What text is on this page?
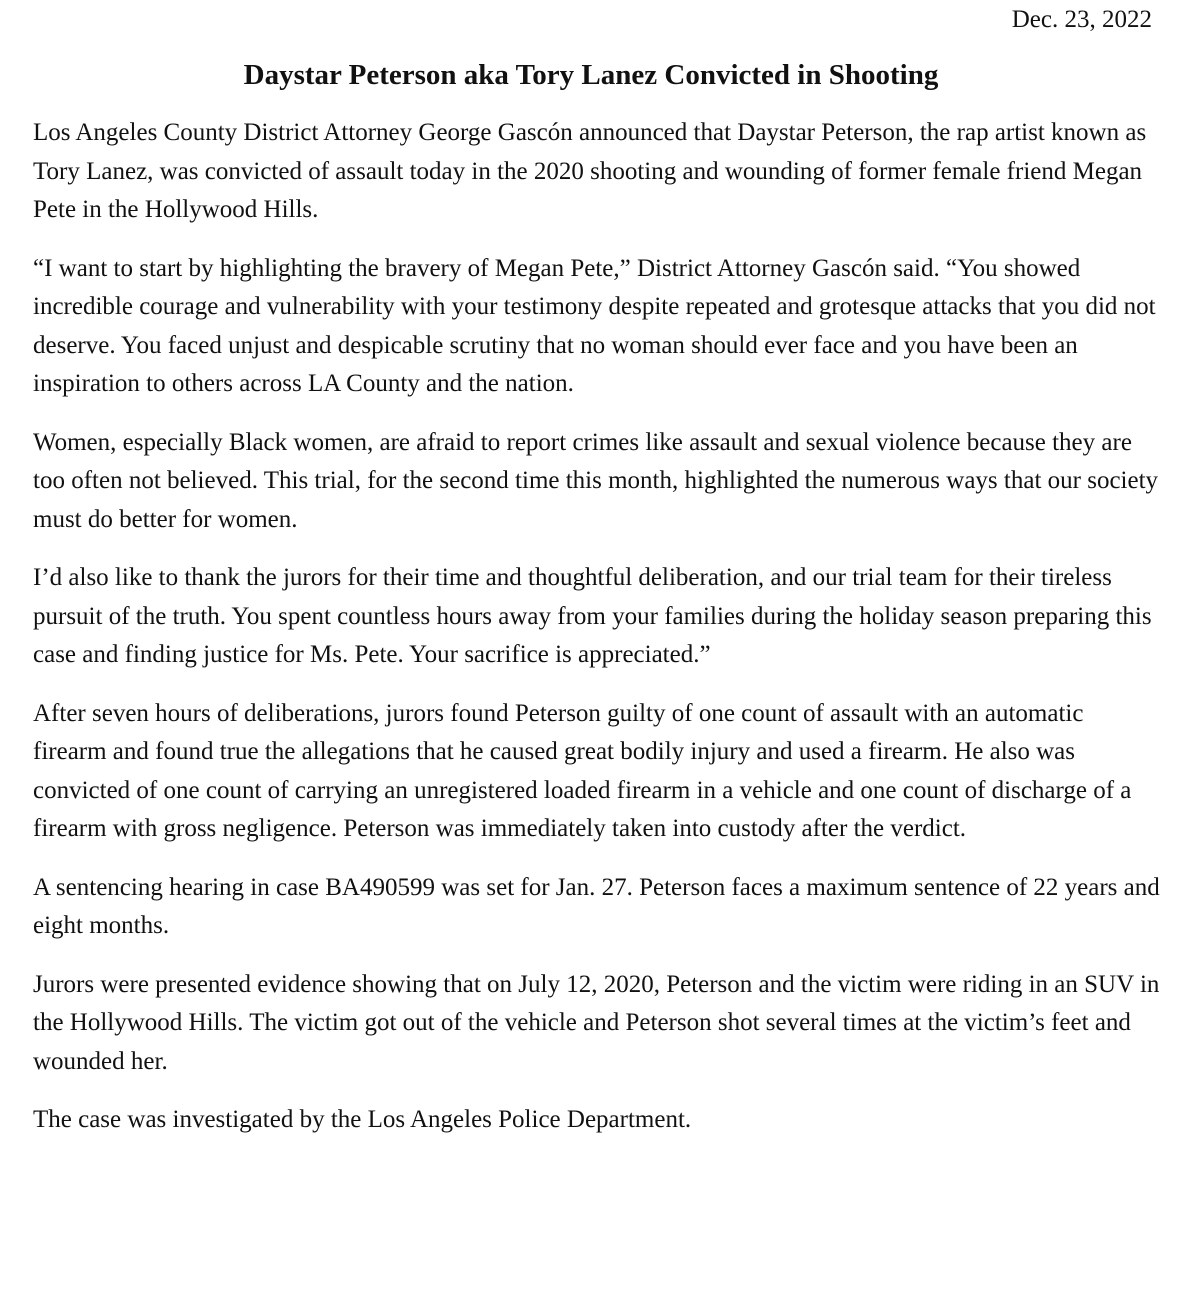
Dec. 23, 2022
Daystar Peterson aka Tory Lanez Convicted in Shooting

Los Angeles County District Attorney George Gascón announced that Daystar Peterson, the rap artist known as Tory Lanez, was convicted of assault today in the 2020 shooting and wounding of former female friend Megan Pete in the Hollywood Hills.

“I want to start by highlighting the bravery of Megan Pete,” District Attorney Gascón said. “You showed incredible courage and vulnerability with your testimony despite repeated and grotesque attacks that you did not deserve. You faced unjust and despicable scrutiny that no woman should ever face and you have been an inspiration to others across LA County and the nation.

Women, especially Black women, are afraid to report crimes like assault and sexual violence because they are too often not believed. This trial, for the second time this month, highlighted the numerous ways that our society must do better for women.

I’d also like to thank the jurors for their time and thoughtful deliberation, and our trial team for their tireless pursuit of the truth. You spent countless hours away from your families during the holiday season preparing this case and finding justice for Ms. Pete. Your sacrifice is appreciated.”

After seven hours of deliberations, jurors found Peterson guilty of one count of assault with an automatic firearm and found true the allegations that he caused great bodily injury and used a firearm. He also was convicted of one count of carrying an unregistered loaded firearm in a vehicle and one count of discharge of a firearm with gross negligence. Peterson was immediately taken into custody after the verdict.

A sentencing hearing in case BA490599 was set for Jan. 27. Peterson faces a maximum sentence of 22 years and eight months.

Jurors were presented evidence showing that on July 12, 2020, Peterson and the victim were riding in an SUV in the Hollywood Hills. The victim got out of the vehicle and Peterson shot several times at the victim’s feet and wounded her.

The case was investigated by the Los Angeles Police Department.
